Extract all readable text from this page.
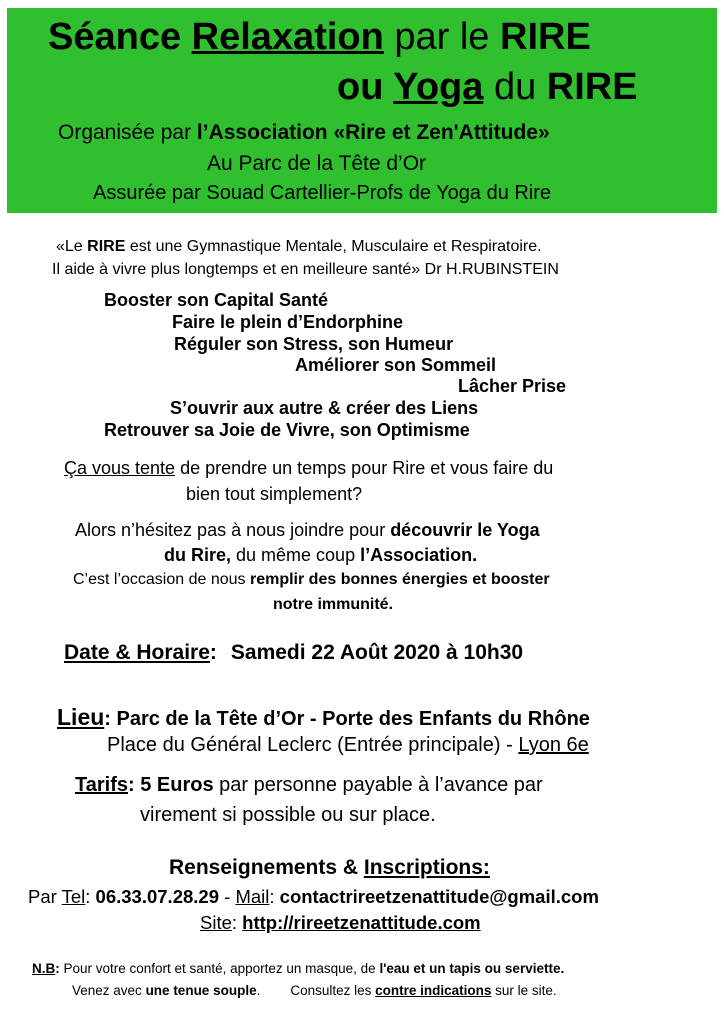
Séance Relaxation par le RIRE
ou Yoga du RIRE
Organisée par l’Association «Rire et Zen'Attitude»
Au Parc de la Tête d’Or
Assurée par Souad Cartellier-Profs de Yoga du Rire
«Le RIRE est une Gymnastique Mentale, Musculaire et Respiratoire.
Il aide à vivre plus longtemps et en meilleure santé» Dr H.RUBINSTEIN
Booster son Capital Santé
Faire le plein d’Endorphine
Réguler son Stress, son Humeur
Améliorer son Sommeil
Lâcher Prise
S’ouvrir aux autre & créer des Liens
Retrouver sa Joie de Vivre, son Optimisme
Ça vous tente de prendre un temps pour Rire et vous faire du
bien tout simplement?
Alors n’hésitez pas à nous joindre pour découvrir le Yoga
du Rire, du même coup l’Association.
C’est l’occasion de nous remplir des bonnes énergies et booster
notre immunité.
Date & Horaire: Samedi 22 Août 2020 à 10h30
Lieu: Parc de la Tête d’Or - Porte des Enfants du Rhône
Place du Général Leclerc (Entrée principale) - Lyon 6e
Tarifs: 5 Euros par personne payable à l’avance par
virement si possible ou sur place.
Renseignements & Inscriptions:
Par Tel: 06.33.07.28.29 - Mail: contactrireetzenattitude@gmail.com
Site: http://rireetzenattitude.com
N.B: Pour votre confort et santé, apportez un masque, de l'eau et un tapis ou serviette.
Venez avec une tenue souple.        Consultez les contre indications sur le site.
